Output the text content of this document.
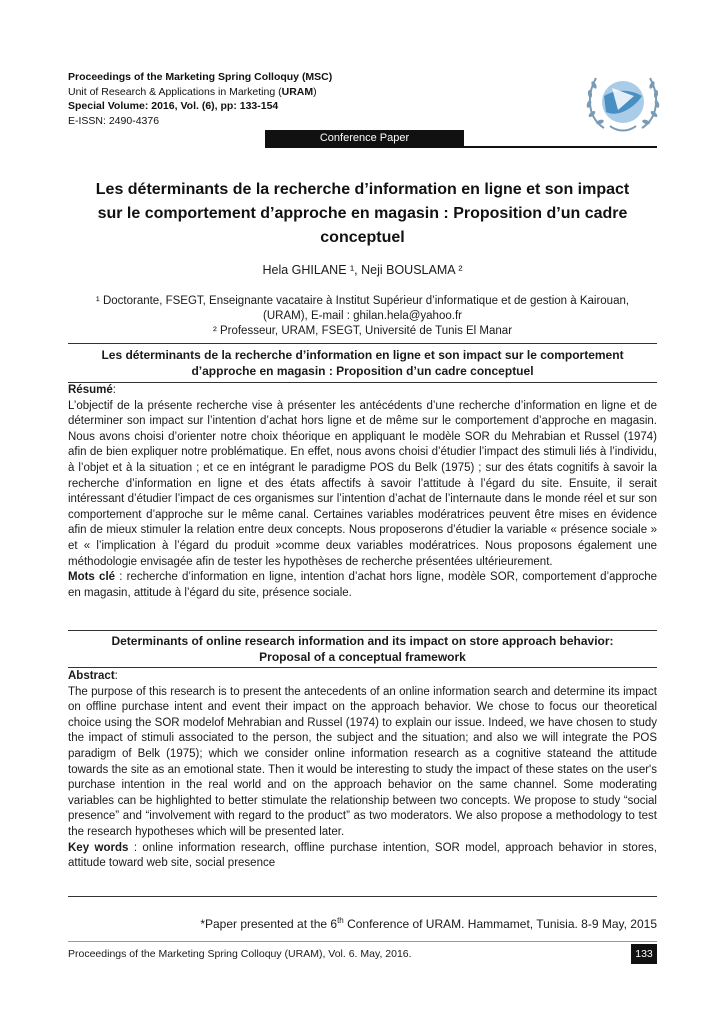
Proceedings of the Marketing Spring Colloquy (MSC)
Unit of Research & Applications in Marketing (URAM)
Special Volume: 2016, Vol. (6), pp: 133-154
E-ISSN: 2490-4376
Conference Paper
Les déterminants de la recherche d’information en ligne et son impact
sur le comportement d’approche en magasin : Proposition d’un cadre
conceptuel
Hela GHILANE ¹, Neji BOUSLAMA ²
¹ Doctorante, FSEGT, Enseignante vacataire à Institut Supérieur d’informatique et de gestion à Kairouan,
(URAM), E-mail : ghilan.hela@yahoo.fr
² Professeur, URAM, FSEGT, Université de Tunis El Manar
Les déterminants de la recherche d’information en ligne et son impact sur le comportement
d’approche en magasin : Proposition d’un cadre conceptuel
Résumé:
L’objectif de la présente recherche vise à présenter les antécédents d’une recherche d’information en ligne et de déterminer son impact sur l’intention d’achat hors ligne et de même sur le comportement d’approche en magasin. Nous avons choisi d’orienter notre choix théorique en appliquant le modèle SOR du Mehrabian et Russel (1974) afin de bien expliquer notre problématique. En effet, nous avons choisi d’étudier l’impact des stimuli liés à l’individu, à l’objet et à la situation ; et ce en intégrant le paradigme POS du Belk (1975) ; sur des états cognitifs à savoir la recherche d’information en ligne et des états affectifs à savoir l’attitude à l’égard du site. Ensuite, il serait intéressant d’étudier l’impact de ces organismes sur l’intention d’achat de l’internaute dans le monde réel et sur son comportement d’approche sur le même canal. Certaines variables modératrices peuvent être mises en évidence afin de mieux stimuler la relation entre deux concepts. Nous proposerons d’étudier la variable « présence sociale » et « l’implication à l’égard du produit »comme deux variables modératrices. Nous proposons également une méthodologie envisagée afin de tester les hypothèses de recherche présentées ultérieurement.
Mots clé : recherche d’information en ligne, intention d’achat hors ligne, modèle SOR, comportement d’approche en magasin, attitude à l’égard du site, présence sociale.
Determinants of online research information and its impact on store approach behavior:
Proposal of a conceptual framework
Abstract:
The purpose of this research is to present the antecedents of an online information search and determine its impact on offline purchase intent and event their impact on the approach behavior. We chose to focus our theoretical choice using the SOR modelof Mehrabian and Russel (1974) to explain our issue. Indeed, we have chosen to study the impact of stimuli associated to the person, the subject and the situation; and also we will integrate the POS paradigm of Belk (1975); which we consider online information research as a cognitive stateand the attitude towards the site as an emotional state. Then it would be interesting to study the impact of these states on the user's purchase intention in the real world and on the approach behavior on the same channel. Some moderating variables can be highlighted to better stimulate the relationship between two concepts. We propose to study “social presence” and “involvement with regard to the product” as two moderators. We also propose a methodology to test the research hypotheses which will be presented later.
Key words : online information research, offline purchase intention, SOR model, approach behavior in stores, attitude toward web site, social presence
*Paper presented at the 6th Conference of URAM. Hammamet, Tunisia. 8-9 May, 2015
Proceedings of the Marketing Spring Colloquy (URAM), Vol. 6. May, 2016.	133
